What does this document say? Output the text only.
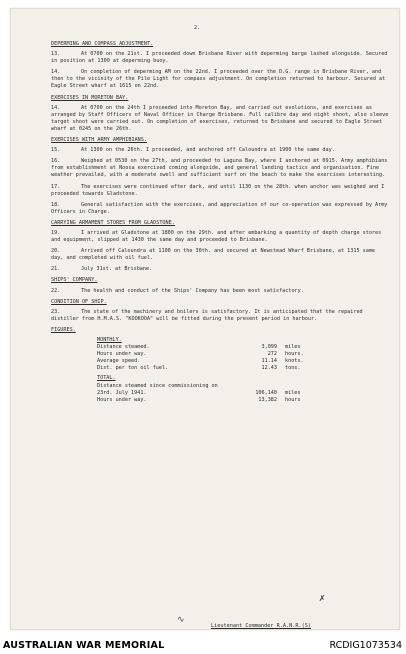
2.
DEPERMING AND COMPASS ADJUSTMENT.
13.	At 0700 on the 21st. I proceeded down Brisbane River with deperming barge lashed alongside. Secured in position at 1300 at deperming buoy.
14.	On completion of deperming AM on the 22nd. I proceeded over the D.G. range in Brisbane River, and then to the vicinity of the Pile Light for compass adjustment. On completion returned to harbour. Secured at Eagle Street wharf at 1615 on 22nd.
EXERCISES IN MORETON BAY.
14.	At 0700 on the 24th I proceeded into Moreton Bay, and carried out evolutions, and exercises as arranged by Staff Officers of Naval Officer in Charge Brisbane. Full calibre day and night shoot, also sleeve target shoot were carried out. On completion of exercises, returned to Brisbane and secured to Eagle Street wharf at 0245 on the 26th.
EXERCISES WITH ARMY AMPHIBIANS.
15.	At 1300 on the 26th. I proceeded, and anchored off Caloundra at 1900 the same day.
16.	Weighed at 0530 on the 27th, and proceeded to Laguna Bay, where I anchored at 0915. Army amphibians from establishment at Noosa exercised coming alongside, and general landing tactics and organisation. Fine weather prevailed, with a moderate swell and sufficient surf on the beach to make the exercises interesting.
17.	The exercises were continued after dark, and until 1130 on the 28th. when anchor was weighed and I proceeded towards Gladstone.
18.	General satisfaction with the exercises, and appreciation of our co-operation was expressed by Army Officers in Charge.
CARRYING ARMAMENT STORES FROM GLADSTONE.
19.	I arrived at Gladstone at 1800 on the 29th. and after embarking a quantity of depth charge stores and equipment, slipped at 1430 the same day and proceeded to Brisbane.
20.	Arrived off Caloundra at 1100 on the 30th. and secured at Newstead Wharf Brisbane, at 1315 same day, and completed with oil fuel.
21.	July 31st. at Brisbane.
SHIPS' COMPANY.
22.	The health and conduct of the Ships' Company has been most satisfactory.
CONDITION OF SHIP.
23.	The state of the machinery and boilers is satisfactory. It is anticipated that the repaired distiller from H.M.A.S. "KOOKOOA" will be fitted during the present period in harbour.
FIGURES.
MONTHLY.
Distance steamed.	3,099	miles
Hours under way.	272	hours.
Average speed.	11.14	knots.
Dist. per ton oil fuel.	12.43	tons.
TOTAL.
Distance steamed since commissioning on
23rd. July 1941.	106,140	miles
Hours under way.	13,382	hours
✗
∿
Lieutenant Commander R.A.N.R.(S)
AUSTRALIAN WAR MEMORIAL	RCDIG1073534
